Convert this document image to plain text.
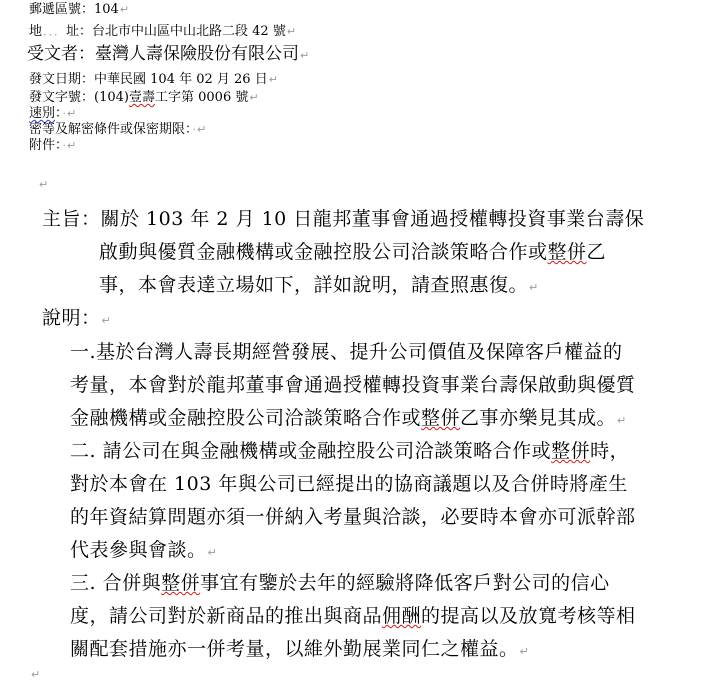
郵遞區號：104↵
地．．．址：台北市中山區中山北路二段 42 號↵
受文者：臺灣人壽保險股份有限公司↵
發文日期：中華民國 104 年 02 月 26 日↵
發文字號：(104)壹壽工字第 0006 號↵
速別：·↵
密等及解密條件或保密期限：·↵
附件：·↵
↵
主旨：關於 103 年 2 月 10 日龍邦董事會通過授權轉投資事業台壽保
啟動與優質金融機構或金融控股公司洽談策略合作或整併乙
事，本會表達立場如下，詳如說明，請查照惠復。↵
說明：↵
一.基於台灣人壽長期經營發展、提升公司價值及保障客戶權益的
考量，本會對於龍邦董事會通過授權轉投資事業台壽保啟動與優質
金融機構或金融控股公司洽談策略合作或整併乙事亦樂見其成。↵
二. 請公司在與金融機構或金融控股公司洽談策略合作或整併時，
對於本會在 103 年與公司已經提出的協商議題以及合併時將產生
的年資結算問題亦須一併納入考量與洽談，必要時本會亦可派幹部
代表參與會談。↵
三. 合併與整併事宜有鑒於去年的經驗將降低客戶對公司的信心
度，請公司對於新商品的推出與商品佣酬的提高以及放寬考核等相
關配套措施亦一併考量，以維外勤展業同仁之權益。↵
↵
